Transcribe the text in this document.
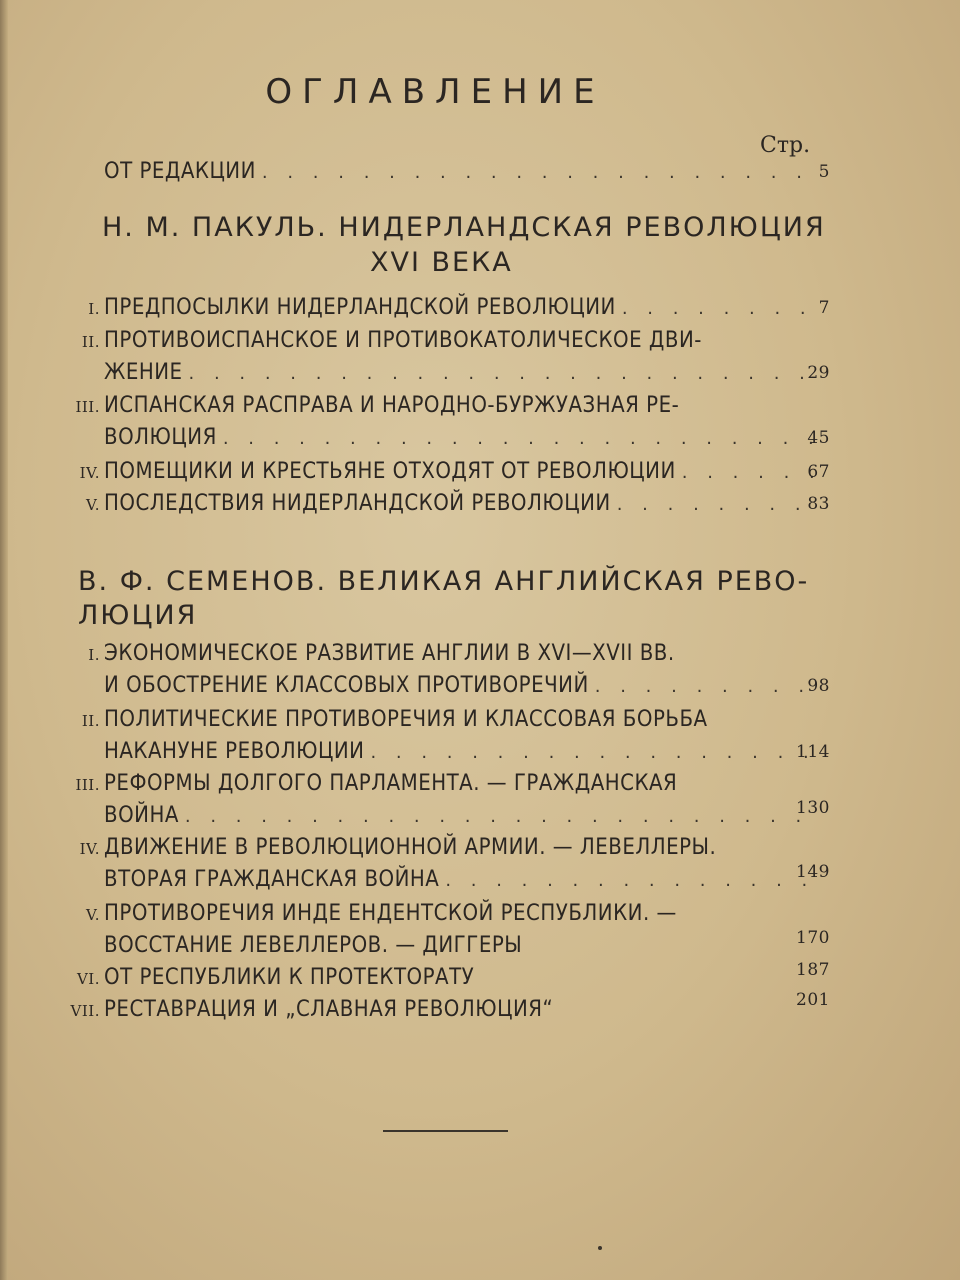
ОГЛАВЛЕНИЕ
Стр.
ОТ РЕДАКЦИИ . . .	5
Н. М. ПАКУЛЬ. НИДЕРЛАНДСКАЯ РЕВОЛЮЦИЯ
XVI ВЕКА
I. ПРЕДПОСЫЛКИ НИДЕРЛАНДСКОЙ РЕВОЛЮЦИИ . . .	7
II. ПРОТИВОИСПАНСКОЕ И ПРОТИВОКАТОЛИЧЕСКОЕ ДВИ-
ЖЕНИЕ . . .	29
III. ИСПАНСКАЯ РАСПРАВА И НАРОДНО-БУРЖУАЗНАЯ РЕ-
ВОЛЮЦИЯ . . .	45
IV. ПОМЕЩИКИ И КРЕСТЬЯНЕ ОТХОДЯТ ОТ РЕВОЛЮЦИИ . . .	67
V. ПОСЛЕДСТВИЯ НИДЕРЛАНДСКОЙ РЕВОЛЮЦИИ . . .	83
В. Ф. СЕМЕНОВ. ВЕЛИКАЯ АНГЛИЙСКАЯ РЕВО-
ЛЮЦИЯ
I. ЭКОНОМИЧЕСКОЕ РАЗВИТИЕ АНГЛИИ В XVI—XVII ВВ.
И ОБОСТРЕНИЕ КЛАССОВЫХ ПРОТИВОРЕЧИЙ . . .	98
II. ПОЛИТИЧЕСКИЕ ПРОТИВОРЕЧИЯ И КЛАССОВАЯ БОРЬБА
НАКАНУНЕ РЕВОЛЮЦИИ . . .	114
III. РЕФОРМЫ ДОЛГОГО ПАРЛАМЕНТА. — ГРАЖДАНСКАЯ
ВОЙНА . . .	130
IV. ДВИЖЕНИЕ В РЕВОЛЮЦИОННОЙ АРМИИ. — ЛЕВЕЛЛЕРЫ.
ВТОРАЯ ГРАЖДАНСКАЯ ВОЙНА . . .	149
V. ПРОТИВОРЕЧИЯ ИНДЕ ЕНДЕНТСКОЙ РЕСПУБЛИКИ. —
ВОССТАНИЕ ЛЕВЕЛЛЕРОВ. — ДИГГЕРЫ	170
VI. ОТ РЕСПУБЛИКИ К ПРОТЕКТОРАТУ	187
VII. РЕСТАВРАЦИЯ И „СЛАВНАЯ РЕВОЛЮЦИЯ“	201
